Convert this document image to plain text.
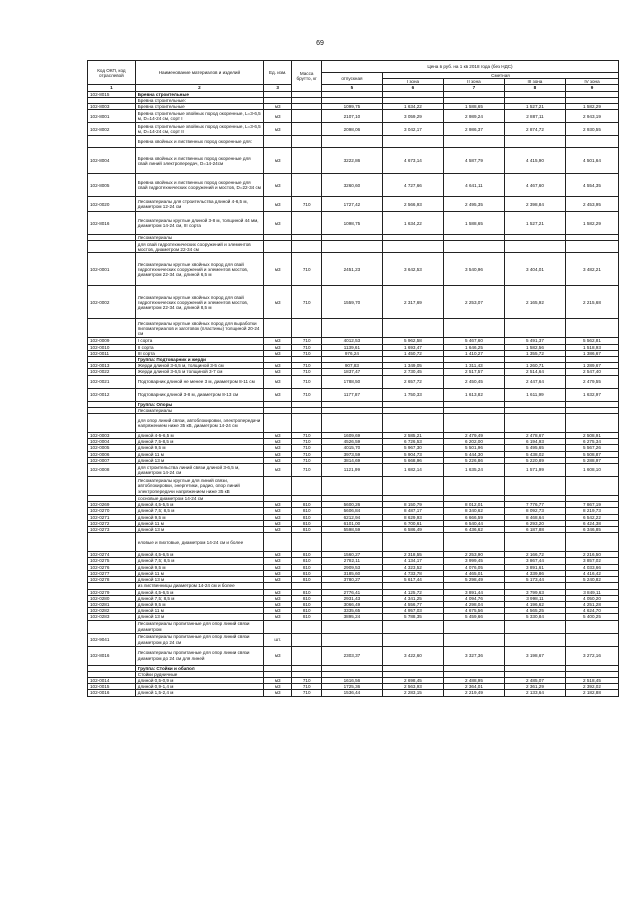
69
Код ОКП, код отраслевой	Наименование материалов и изделий	Ед. изм.	Масса брутто, кг	Цена в руб. на 1 кв 2018 года (без НДС)				
				отпускная	Сметная			
					I зона	II зона	III зона	IV зона
1	2	3		5	6	7	8	9
102-8015	Бревна строительные							
	Бревна строительные:							
102-8003	Бревна строительные	м3		1099,75	1 634,22	1 588,65	1 527,21	1 582,29
102-8001	Бревна строительные хвойных пород окоренные, L=3-6,5 м, D=14-24 см, сорт I	м3		2107,10	3 059,29	2 989,24	2 887,11	2 943,19
102-8002	Бревна строительные хвойных пород окоренные, L=3-6,5 м, D=14-24 см, сорт II	м3		2098,06	3 042,17	2 986,37	2 874,72	2 930,55
	Бревна хвойных и лиственных пород окоренные для:							
102-8004	Бревна хвойных и лиственных пород окоренные для свай линий электропередач, D=14-24см	м3		3222,86	4 673,14	4 587,79	4 415,90	4 501,64
102-8005	Бревна хвойных и лиственных пород окоренные для свай гидротехнических сооружений и мостов, D=22-34 см	м3		3260,60	4 727,66	4 641,11	4 467,60	4 554,35
102-0020	Лесоматериалы для строительства длиной 4-6,5 м, диаметром 12-24 см	м3	710	1727,42	2 566,93	2 495,35	2 398,84	2 453,95
102-8016	Лесоматериалы круглые длиной 3-8 м, толщиной 44 мм, диаметром 14-24 см, III сорта	м3		1098,75	1 634,22	1 588,65	1 527,21	1 582,29
	Лесоматериалы							
	для свай гидротехнических сооружений и элементов мостов, диаметром 22-34 см							
102-0001	Лесоматериалы круглые хвойных пород для свай гидротехнических сооружений и элементов мостов, диаметром 22-34 см, длиной 6,5 м	м3	710	2451,23	3 642,53	3 540,96	3 404,01	3 482,21
102-0002	Лесоматериалы круглые хвойных пород для свай гидротехнических сооружений и элементов мостов, диаметром 22-34 см, длиной 8,5 м	м3	710	1559,70	2 317,69	2 253,07	2 165,92	2 215,68
	Лесоматериалы круглые хвойных пород для выработки пиломатериалов и заготовок (пластины) толщиной 20-24 см							
102-0009	I сорта	м3	710	4012,53	5 962,58	5 467,60	5 491,37	5 562,81
102-0010	II сорта	м3	710	1139,61	1 693,47	1 646,25	1 582,56	1 518,93
102-0011	III сорта	м3	710	976,24	1 450,72	1 410,27	1 355,72	1 386,67
	Группа: Подтоварник и жерди							
102-0013	Жерди длиной 3-6,5 м, толщиной 3-5 см	м3	710	907,83	1 349,05	1 311,43	1 260,71	1 289,67
102-0022	Жерди длиной 3-6,5 м толщиной 3-7 см	м3	710	1837,47	2 730,45	2 517,57	2 514,64	2 547,40
102-0021	Подтоварник длиной не менее 3 м, диаметром 8-11 см	м3	710	1788,50	2 657,72	2 450,45	2 447,64	2 479,55
102-0012	Подтоварник длиной 3-8 м, диаметром 8-13 см	м3	710	1177,87	1 750,33	1 613,82	1 611,99	1 632,97
	Группа: Опоры							
	Лесоматериалы							
	для опор линий связи, автоблокировки, электропередачи напряжением ниже 35 кВ, диаметром 14-24 см							
102-0003	длиной 4-5-6,5 м	м3	710	1609,69	2 585,21	2 479,49	2 478,67	2 508,91
102-0004	длиной 7,5-8,5 м	м3	710	4526,59	6 726,53	6 202,00	6 194,93	6 275,34
102-0005	длиной 9,5 м	м3	710	4015,70	5 967,30	5 501,96	5 495,65	5 567,26
102-0006	длиной 11 м	м3	710	3973,59	5 904,73	5 444,30	5 438,02	5 508,87
102-0007	длиной 13 м	м3	710	3814,69	5 668,96	5 226,86	5 220,89	5 288,97
102-0008	для строительства линий связи длиной 3-6,5 м, диаметром 14-24 см	м3	710	1121,99	1 682,14	1 635,24	1 571,99	1 608,10
	Лесоматериалы круглые для линий связи, автоблокировки, энергетики, радио, опор линий электропередачи напряжением ниже 35 кВ							
	сосновые диаметром 14-24 см							
102-0269	длиной 4,5-5,5 м	м3	810	5600,26	8 150,79	8 012,01	7 776,77	7 867,19
102-0270	длиной 7,5; 8,5 м	м3	810	5606,84	8 487,17	8 340,62	8 092,73	8 219,73
102-0271	длиной 9,5 м	м3	810	6212,94	8 629,93	6 666,59	8 468,64	6 542,22
102-0272	длиной 11 м	м3	810	6101,00	6 700,61	6 540,44	6 293,20	6 424,38
102-0273	длиной 13 м	м3	810	5598,59	6 586,49	6 436,62	6 187,88	6 346,85
	еловые и пихтовые, диаметром 14-24 см и более							
102-0274	длиной 4,5-6,5 м	м3	810	1560,27	2 318,55	2 253,90	2 166,72	2 216,50
102-0275	длиной 7,5; 8,5 м	м3	810	2782,11	4 134,17	3 999,45	3 867,44	3 857,02
102-0276	длиной 9,5 м	м3	810	2909,53	4 323,52	4 076,05	3 891,61	4 033,66
102-0277	длиной 11 м	м3	810	3185,60	4 733,78	4 465,01	4 339,86	4 416,42
102-0278	длиной 13 м	м3	810	3780,27	5 617,44	5 298,49	5 173,44	5 240,82
	из лиственницы диаметром 14-24 см и более							
102-0279	длиной 4,5-6,5 м	м3	810	2776,41	4 125,72	3 891,44	3 799,63	3 849,11
102-0280	длиной 7,5; 8,5 м	м3	810	2931,43	4 341,25	4 094,76	3 998,11	4 050,20
102-0281	длиной 9,5 м	м3	810	3066,49	4 556,77	4 298,04	4 196,62	4 251,28
102-0282	длиной 11 м	м3	810	3335,65	4 957,03	4 675,56	4 565,25	4 624,70
102-0283	длиной 13 м	м3	810	3895,24	5 788,35	5 459,66	5 330,84	5 400,25
	Лесоматериалы пропитанные для опор линий связи диаметром							
102-9041	Лесоматериалы пропитанные для опор линий связи диаметром до 24 см	шт.						
102-8016	Лесоматериалы пропитанные для опор линии связи диаметром до 24 см для линей	м3		2303,37	3 422,60	3 327,36	3 198,67	3 272,16
	Группа: Стойки и обапол							
	Стойки рудничные							
102-0014	длиной 0,5-0,9 м	м3	710	1616,56	2 698,45	2 488,95	2 485,07	2 518,45
102-0015	длиной 0,9-1,4 м	м3	710	1725,36	2 563,93	2 364,01	2 361,29	2 392,02
102-0016	длиной 1,5-2,4 м	м3	710	1536,44	2 283,15	2 219,49	2 133,64	2 182,88
